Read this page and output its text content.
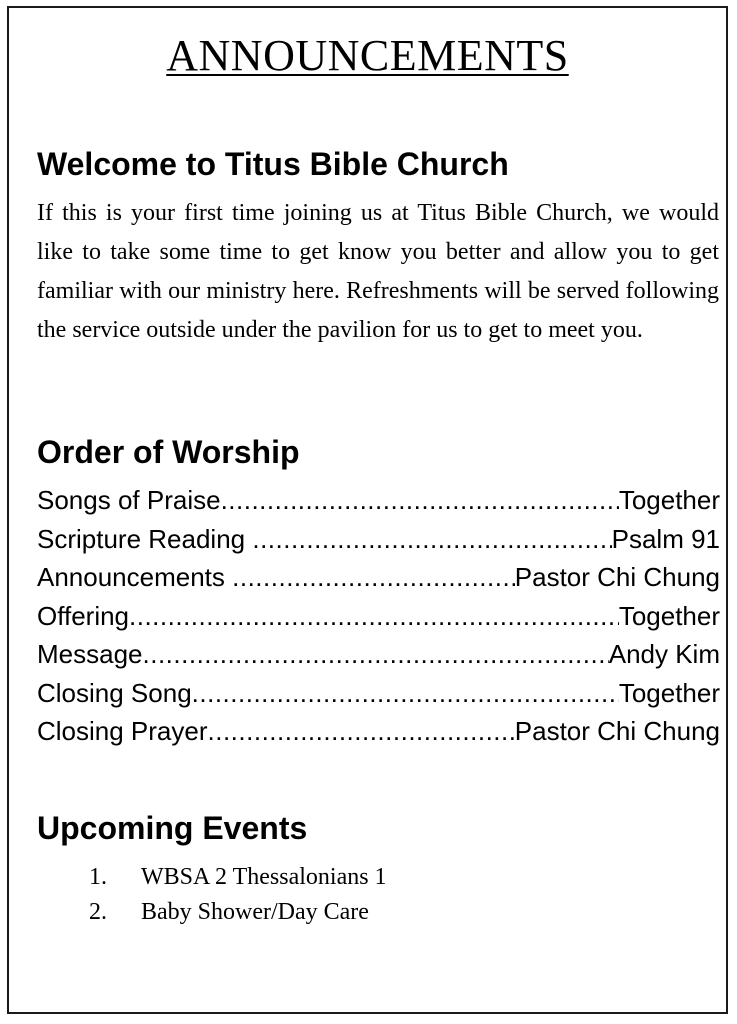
ANNOUNCEMENTS
Welcome to Titus Bible Church

If this is your first time joining us at Titus Bible Church, we would like to take some time to get know you better and allow you to get familiar with our ministry here. Refreshments will be served following the service outside under the pavilion for us to get to meet you.

Order of Worship
Songs of Praise .....	Together
Scripture Reading .....	Psalm 91
Announcements .....	Pastor Chi Chung
Offering .....	Together
Message .....	Andy Kim
Closing Song .....	Together
Closing Prayer .....	Pastor Chi Chung
Upcoming Events
1.	WBSA 2 Thessalonians 1
2.	Baby Shower/Day Care
